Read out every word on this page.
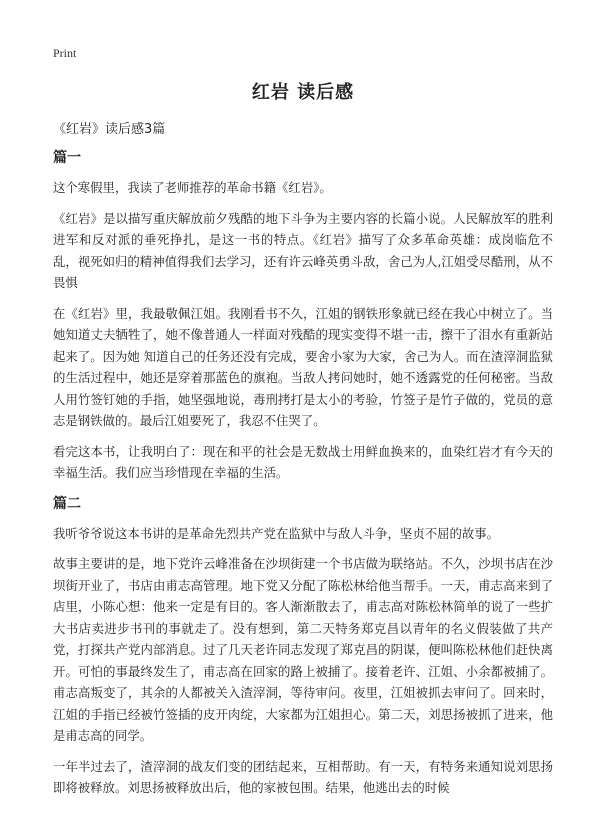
Print
红岩 读后感
《红岩》读后感3篇
篇一

这个寒假里，我读了老师推荐的革命书籍《红岩》。

《红岩》是以描写重庆解放前夕残酷的地下斗争为主要内容的长篇小说。人民解放军的胜利进军和反对派的垂死挣扎，是这一书的特点。《红岩》描写了众多革命英雄：成岗临危不乱，视死如归的精神值得我们去学习，还有许云峰英勇斗敌，舍己为人,江姐受尽酷刑，从不畏惧

在《红岩》里，我最敬佩江姐。我刚看书不久，江姐的钢铁形象就已经在我心中树立了。当她知道丈夫牺牲了，她不像普通人一样面对残酷的现实变得不堪一击，擦干了泪水有重新站起来了。因为她 知道自己的任务还没有完成，要舍小家为大家，舍己为人。而在渣滓洞监狱的生活过程中，她还是穿着那蓝色的旗袍。当敌人拷问她时，她不透露党的任何秘密。当敌人用竹签钉她的手指，她坚强地说，毒刑拷打是太小的考验，竹签子是竹子做的，党员的意志是钢铁做的。最后江姐要死了，我忍不住哭了。

看完这本书，让我明白了：现在和平的社会是无数战士用鲜血换来的，血染红岩才有今天的幸福生活。我们应当珍惜现在幸福的生活。

篇二

我听爷爷说这本书讲的是革命先烈共产党在监狱中与敌人斗争，坚贞不屈的故事。

故事主要讲的是，地下党许云峰准备在沙坝街建一个书店做为联络站。不久，沙坝书店在沙坝街开业了，书店由甫志高管理。地下党又分配了陈松林给他当帮手。一天，甫志高来到了店里，小陈心想：他来一定是有目的。客人渐渐散去了，甫志高对陈松林简单的说了一些扩大书店卖进步书刊的事就走了。没有想到，第二天特务郑克昌以青年的名义假装做了共产党，打探共产党内部消息。过了几天老许同志发现了郑克昌的阴谋，便叫陈松林他们赶快离开。可怕的事最终发生了，甫志高在回家的路上被捕了。接着老许、江姐、小余都被捕了。甫志高叛变了，其余的人都被关入渣滓洞，等待审问。夜里，江姐被抓去审问了。回来时，江姐的手指已经被竹签插的皮开肉绽，大家都为江姐担心。第二天，刘思扬被抓了进来，他是甫志高的同学。

一年半过去了，渣滓洞的战友们变的团结起来，互相帮助。有一天，有特务来通知说刘思扬即将被释放。刘思扬被释放出后，他的家被包围。结果，他逃出去的时候
